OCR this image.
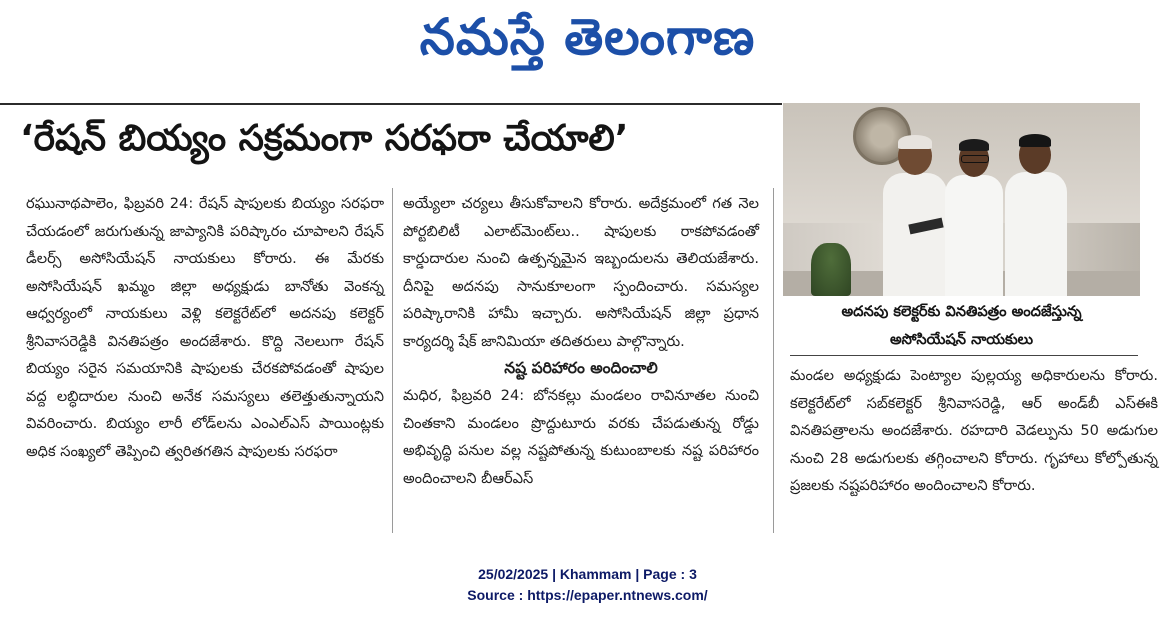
నమస్తే తెలంగాణ
‘రేషన్‌ బియ్యం సక్రమంగా సరఫరా చేయాలి’

రఘునాథపాలెం, ఫిబ్రవరి 24: రేషన్‌ షాపులకు బియ్యం సరఫరా చేయడంలో జరుగుతున్న జాప్యానికి పరిష్కారం చూపాలని రేషన్‌ డీలర్స్‌ అసోసియేషన్‌ నాయకులు కోరారు. ఈ మేరకు అసోసియేషన్‌ ఖమ్మం జిల్లా అధ్యక్షుడు బానోతు వెంకన్న ఆధ్వర్యంలో నాయకులు వెళ్లి కలెక్టరేట్‌లో అదనపు కలెక్టర్‌ శ్రీనివాసరెడ్డికి వినతిపత్రం అందజేశారు. కొద్ది నెలలుగా రేషన్‌ బియ్యం సరైన సమయానికి షాపులకు చేరకపోవడంతో షాపుల వద్ద లబ్ధిదారుల నుంచి అనేక సమస్యలు తలెత్తుతున్నాయని వివరించారు. బియ్యం లారీ లోడ్‌లను ఎంఎల్‌ఎస్‌ పాయింట్లకు అధిక సంఖ్యలో తెప్పించి త్వరితగతిన షాపులకు సరఫరా

అయ్యేలా చర్యలు తీసుకోవాలని కోరారు. అదేక్రమంలో గత నెల పోర్టబిలిటీ ఎలాట్‌మెంట్‌లు.. షాపులకు రాకపోవడంతో కార్డుదారుల నుంచి ఉత్పన్నమైన ఇబ్బందులను తెలియజేశారు. దీనిపై అదనపు సానుకూలంగా స్పందించారు. సమస్యల పరిష్కారానికి హామీ ఇచ్చారు. అసోసియేషన్‌ జిల్లా ప్రధాన కార్యదర్శి షేక్‌ జానిమియా తదితరులు పాల్గొన్నారు.

నష్ట పరిహారం అందించాలి

మధిర, ఫిబ్రవరి 24: బోనకల్లు మండలం రావినూతల నుంచి చింతకాని మండలం ప్రొద్దుటూరు వరకు చేపడుతున్న రోడ్డు అభివృద్ధి పనుల వల్ల నష్టపోతున్న కుటుంబాలకు నష్ట పరిహారం అందించాలని బీఆర్‌ఎస్‌

అదనపు కలెక్టర్‌కు వినతిపత్రం అందజేస్తున్న
అసోసియేషన్‌ నాయకులు

మండల అధ్యక్షుడు పెంట్యాల పుల్లయ్య అధికారులను కోరారు. కలెక్టరేట్‌లో సబ్‌కలెక్టర్‌ శ్రీనివాసరెడ్డి, ఆర్‌ అండ్‌బీ ఎస్‌ఈకి వినతిపత్రాలను అందజేశారు. రహదారి వెడల్పును 50 అడుగుల నుంచి 28 అడుగులకు తగ్గించాలని కోరారు. గృహాలు కోల్పోతున్న ప్రజలకు నష్టపరిహారం అందించాలని కోరారు.

25/02/2025 | Khammam | Page : 3
Source : https://epaper.ntnews.com/
